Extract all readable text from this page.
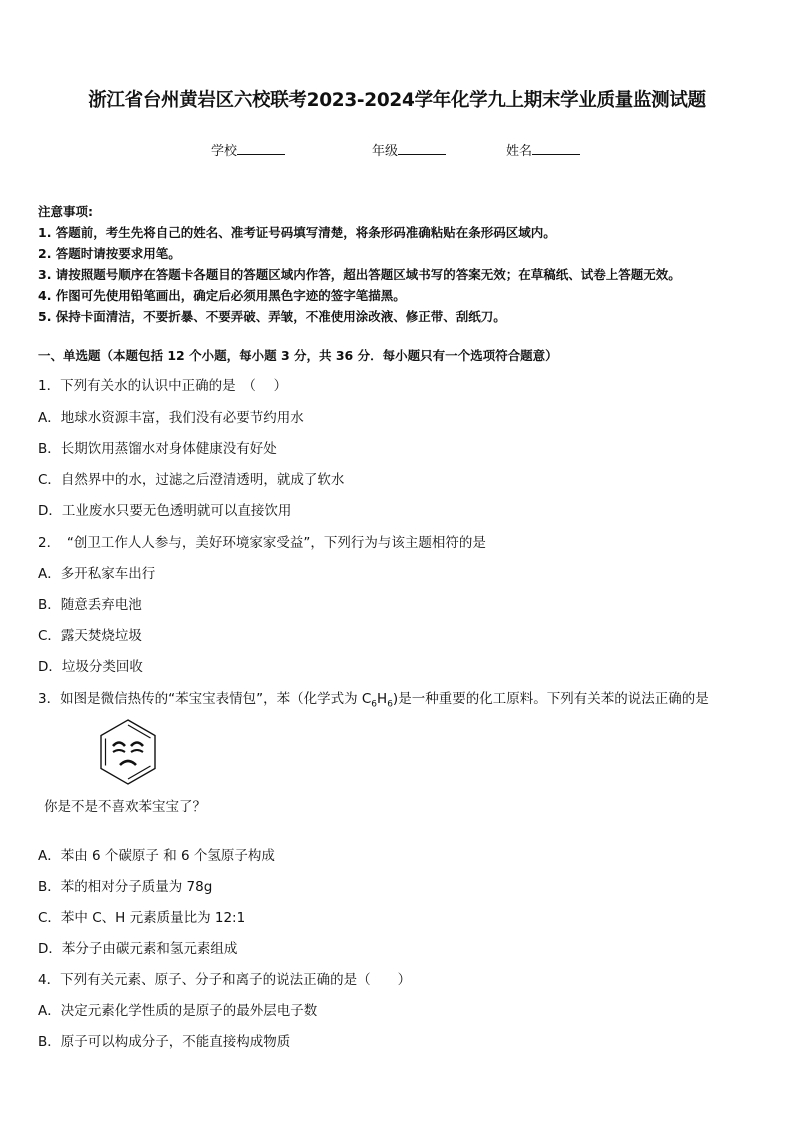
浙江省台州黄岩区六校联考2023-2024学年化学九上期末学业质量监测试题
学校	年级	姓名
注意事项:
1. 答题前，考生先将自己的姓名、准考证号码填写清楚，将条形码准确粘贴在条形码区域内。
2. 答题时请按要求用笔。
3. 请按照题号顺序在答题卡各题目的答题区域内作答，超出答题区域书写的答案无效；在草稿纸、试卷上答题无效。
4. 作图可先使用铅笔画出，确定后必须用黑色字迹的签字笔描黑。
5. 保持卡面清洁，不要折暴、不要弄破、弄皱，不准使用涂改液、修正带、刮纸刀。
一、单选题（本题包括 12 个小题，每小题 3 分，共 36 分．每小题只有一个选项符合题意）
1．下列有关水的认识中正确的是　（　 ）
A．地球水资源丰富，我们没有必要节约用水
B．长期饮用蒸馏水对身体健康没有好处
C．自然界中的水，过滤之后澄清透明，就成了软水
D．工业废水只要无色透明就可以直接饮用
2．　“创卫工作人人参与，美好环境家家受益”，下列行为与该主题相符的是
A．多开私家车出行
B．随意丢弃电池
C．露天焚烧垃圾
D．垃圾分类回收
3．如图是微信热传的“苯宝宝表情包”，苯（化学式为 $C_6H_6$)是一种重要的化工原料。下列有关苯的说法正确的是
你是不是不喜欢苯宝宝了？
A．苯由 6 个碳原子 和 6 个氢原子构成
B．苯的相对分子质量为 78g
C．苯中 C、H 元素质量比为 12:1
D．苯分子由碳元素和氢元素组成
4．下列有关元素、原子、分子和离子的说法正确的是（　　）
A．决定元素化学性质的是原子的最外层电子数
B．原子可以构成分子，不能直接构成物质
